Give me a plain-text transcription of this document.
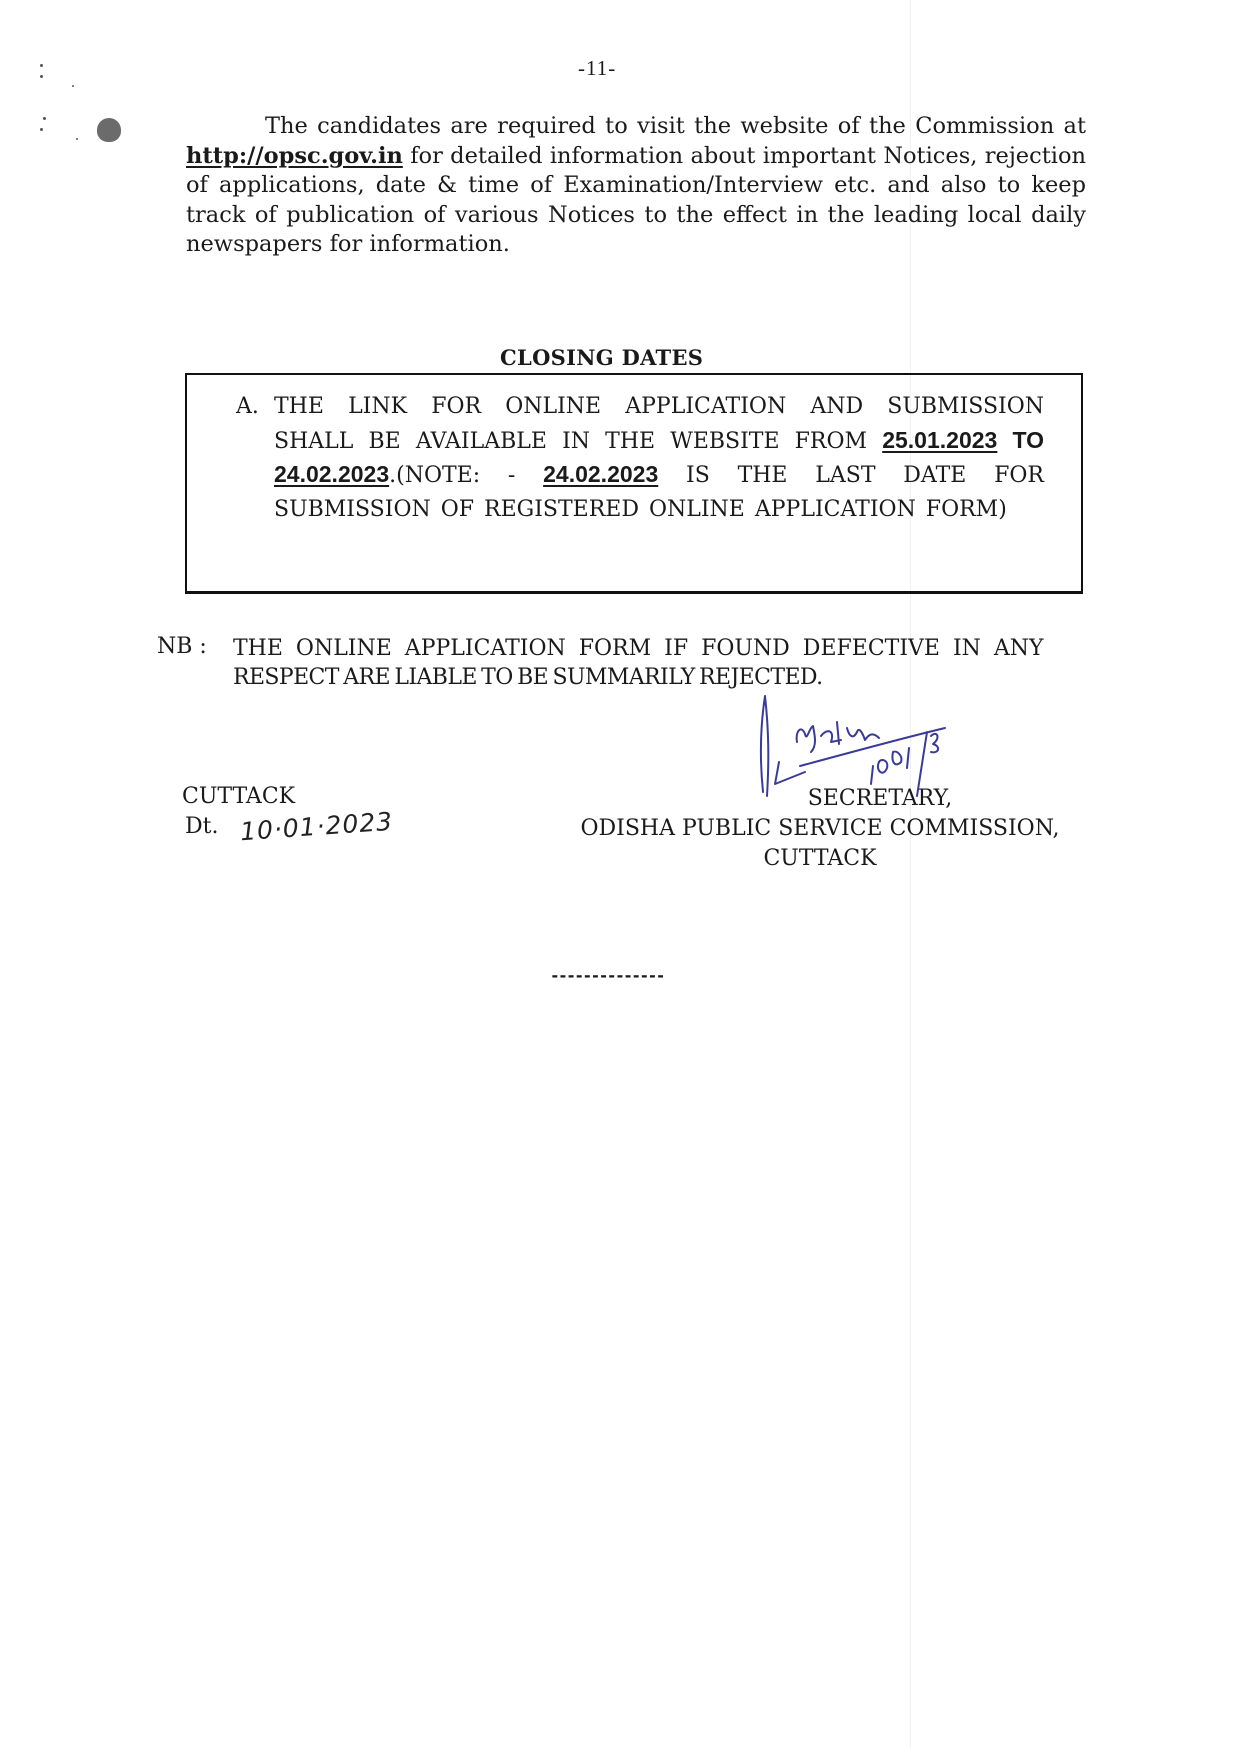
-11-
The candidates are required to visit the website of the Commission at http://opsc.gov.in for detailed information about important Notices, rejection of applications, date & time of Examination/Interview etc. and also to keep track of publication of various Notices to the effect in the leading local daily newspapers for information.
CLOSING DATES
A. THE LINK FOR ONLINE APPLICATION AND SUBMISSION SHALL BE AVAILABLE IN THE WEBSITE FROM 25.01.2023 TO 24.02.2023.(NOTE: - 24.02.2023 IS THE LAST DATE FOR SUBMISSION OF REGISTERED ONLINE APPLICATION FORM)
NB : THE ONLINE APPLICATION FORM IF FOUND DEFECTIVE IN ANY
RESPECT ARE LIABLE TO BE SUMMARILY REJECTED.
CUTTACK
Dt. 10·01·2023
SECRETARY,
ODISHA PUBLIC SERVICE COMMISSION,
CUTTACK
--------------
